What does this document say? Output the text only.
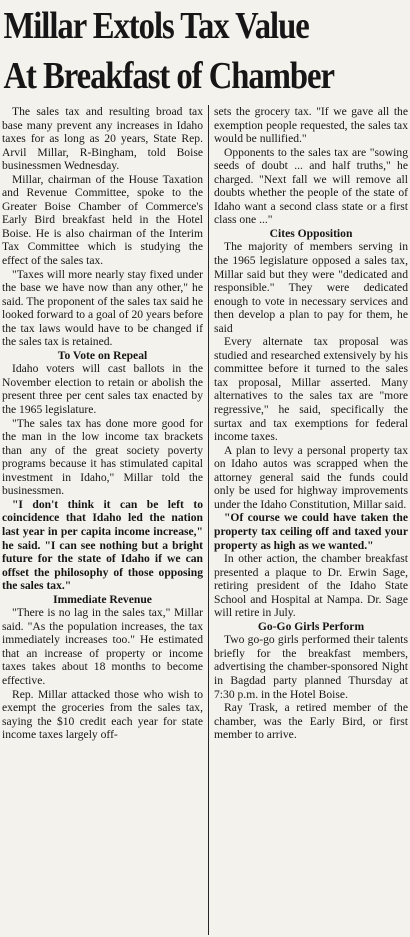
Millar Extols Tax Value
At Breakfast of Chamber

The sales tax and resulting broad tax base many prevent any increases in Idaho taxes for as long as 20 years, State Rep. Arvil Millar, R-Bingham, told Boise businessmen Wednesday.

Millar, chairman of the House Taxation and Revenue Committee, spoke to the Greater Boise Chamber of Commerce's Early Bird breakfast held in the Hotel Boise. He is also chairman of the Interim Tax Committee which is studying the effect of the sales tax.

"Taxes will more nearly stay fixed under the base we have now than any other," he said. The proponent of the sales tax said he looked forward to a goal of 20 years before the tax laws would have to be changed if the sales tax is retained.

To Vote on Repeal

Idaho voters will cast ballots in the November election to retain or abolish the present three per cent sales tax enacted by the 1965 legislature.

"The sales tax has done more good for the man in the low income tax brackets than any of the great society poverty programs because it has stimulated capital investment in Idaho," Millar told the businessmen.

"I don't think it can be left to coincidence that Idaho led the nation last year in per capita income increase," he said. "I can see nothing but a bright future for the state of Idaho if we can offset the philosophy of those opposing the sales tax."

Immediate Revenue

"There is no lag in the sales tax," Millar said. "As the population increases, the tax immediately increases too." He estimated that an increase of property or income taxes takes about 18 months to become effective.

Rep. Millar attacked those who wish to exempt the groceries from the sales tax, saying the $10 credit each year for state income taxes largely off-

sets the grocery tax. "If we gave all the exemption people requested, the sales tax would be nullified."

Opponents to the sales tax are "sowing seeds of doubt ... and half truths," he charged. "Next fall we will remove all doubts whether the people of the state of Idaho want a second class state or a first class one ..."

Cites Opposition

The majority of members serving in the 1965 legislature opposed a sales tax, Millar said but they were "dedicated and responsible." They were dedicated enough to vote in necessary services and then develop a plan to pay for them, he said

Every alternate tax proposal was studied and researched extensively by his committee before it turned to the sales tax proposal, Millar asserted. Many alternatives to the sales tax are "more regressive," he said, specifically the surtax and tax exemptions for federal income taxes.

A plan to levy a personal property tax on Idaho autos was scrapped when the attorney general said the funds could only be used for highway improvements under the Idaho Constitution, Millar said.

"Of course we could have taken the property tax ceiling off and taxed your property as high as we wanted."

In other action, the chamber breakfast presented a plaque to Dr. Erwin Sage, retiring president of the Idaho State School and Hospital at Nampa. Dr. Sage will retire in July.

Go-Go Girls Perform

Two go-go girls performed their talents briefly for the breakfast members, advertising the chamber-sponsored Night in Bagdad party planned Thursday at 7:30 p.m. in the Hotel Boise.

Ray Trask, a retired member of the chamber, was the Early Bird, or first member to arrive.
